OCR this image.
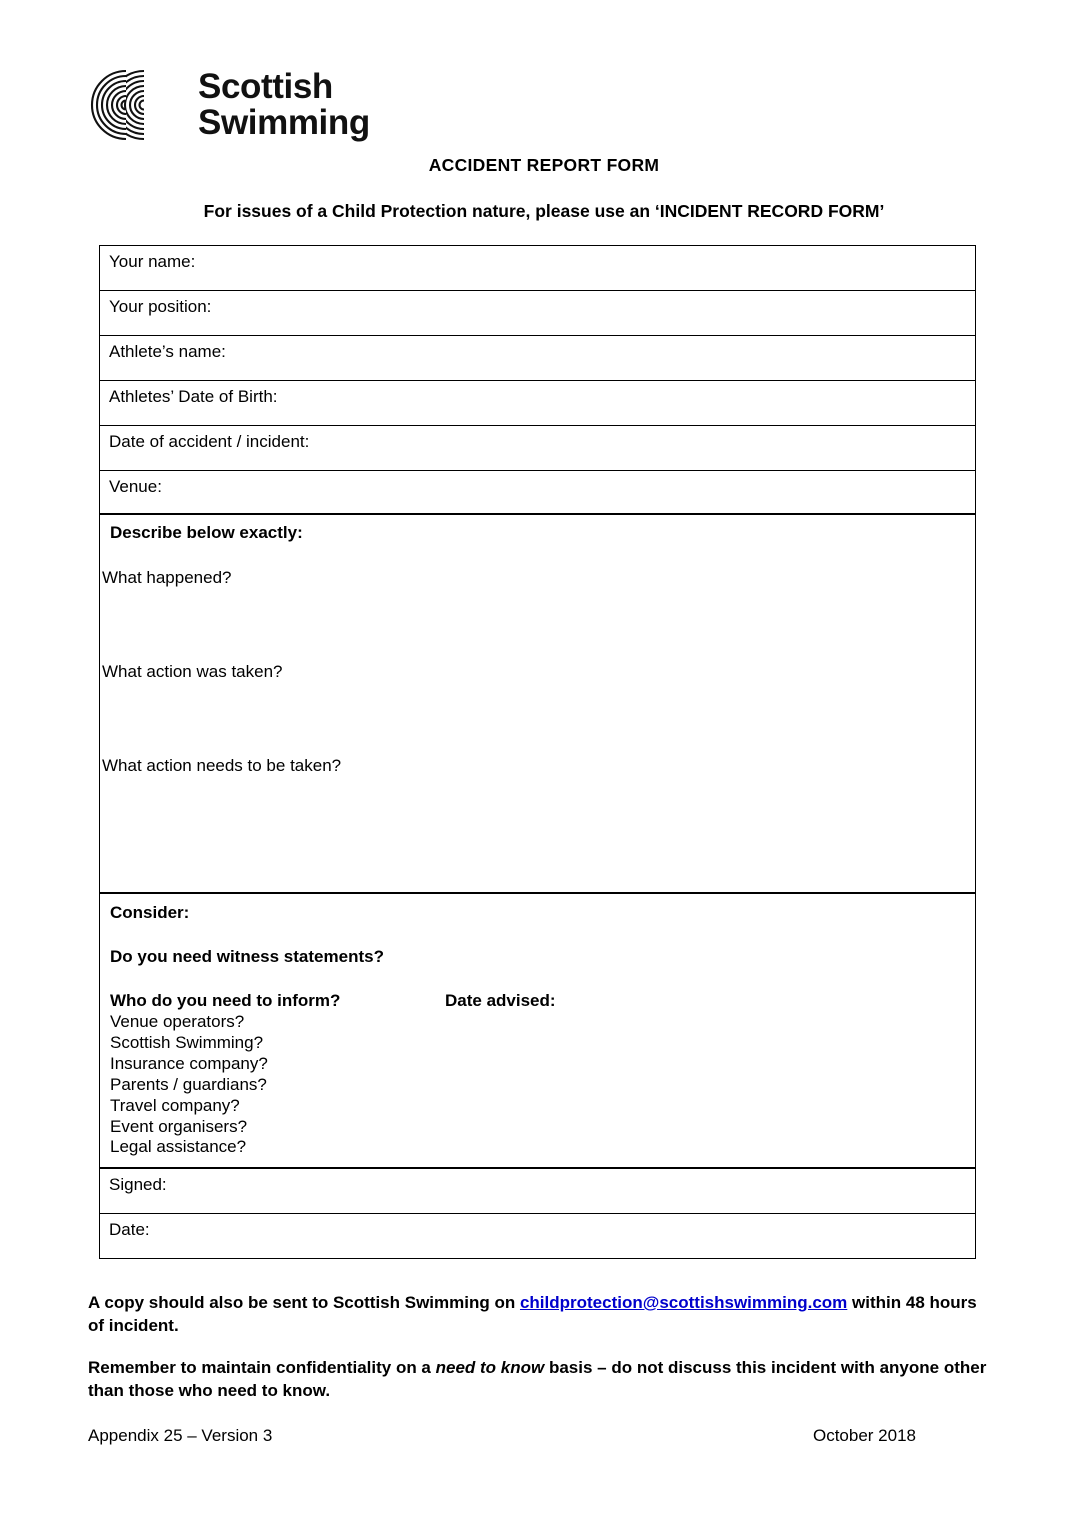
Scottish
Swimming
ACCIDENT REPORT FORM
For issues of a Child Protection nature, please use an ‘INCIDENT RECORD FORM’
Your name:
Your position:
Athlete’s name:
Athletes’ Date of Birth:
Date of accident / incident:
Venue:

Describe below exactly:
What happened?
What action was taken?
What action needs to be taken?

Consider:
Do you need witness statements?
Who do you need to inform?	Date advised:
Venue operators?
Scottish Swimming?
Insurance company?
Parents / guardians?
Travel company?
Event organisers?
Legal assistance?

Signed:
Date:
A copy should also be sent to Scottish Swimming on childprotection@scottishswimming.com within 48 hours of incident.
Remember to maintain confidentiality on a need to know basis – do not discuss this incident with anyone other than those who need to know.
Appendix 25 – Version 3	October 2018
